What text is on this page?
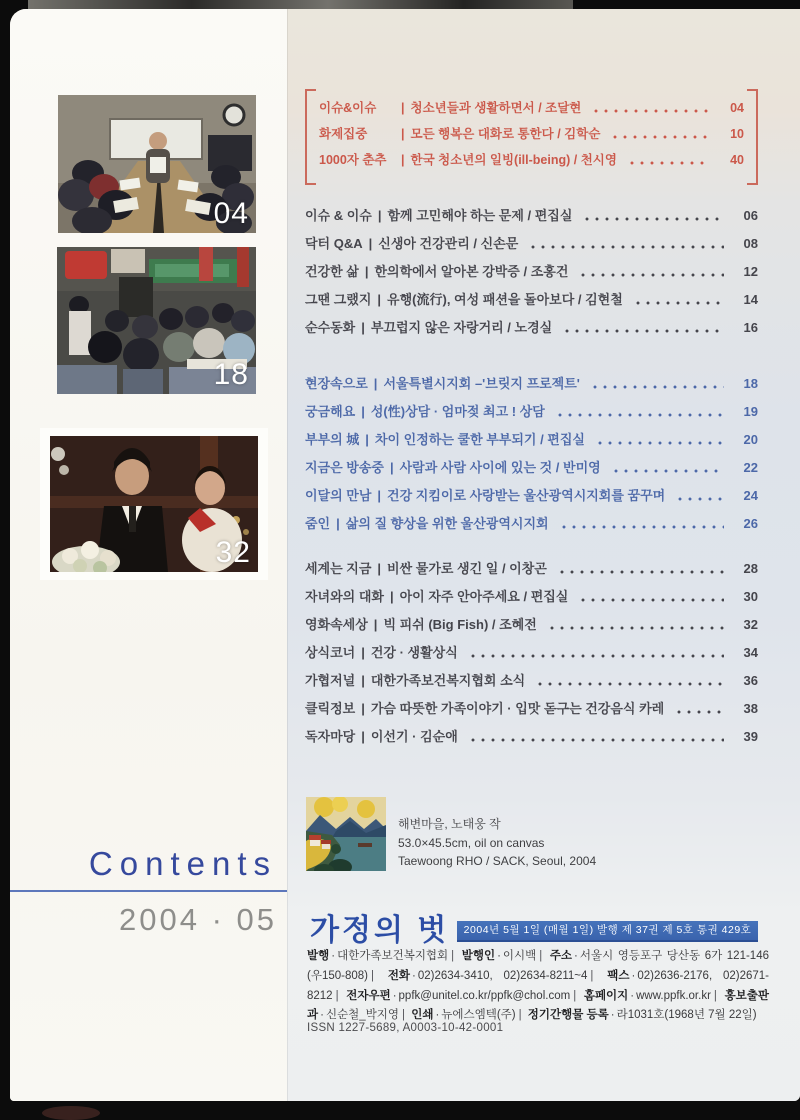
04
18
32
Contents
2004 · 05
이슈&이슈	| 청소년들과 생활하면서 / 조달현	04
화제집중	| 모든 행복은 대화로 통한다 / 김학순	10
1000자 춘추	| 한국 청소년의 일빙(ill-being) / 천시영	40
이슈 & 이슈 | 함께 고민해야 하는 문제 / 편집실	06
닥터 Q&A | 신생아 건강관리 / 신손문	08
건강한 삶 | 한의학에서 알아본 강박증 / 조홍건	12
그땐 그랬지 | 유행(流行), 여성 패션을 돌아보다 / 김현철	14
순수동화 | 부끄럽지 않은 자랑거리 / 노경실	16
현장속으로 | 서울특별시지회 –'브릿지 프로젝트'	18
궁금해요 | 성(性)상담 · 엄마젖 최고 ! 상담	19
부부의 城 | 차이 인정하는 쿨한 부부되기 / 편집실	20
지금은 방송중 | 사람과 사람 사이에 있는 것 / 반미영	22
이달의 만남 | 건강 지킴이로 사랑받는 울산광역시지회를 꿈꾸며	24
줌인 | 삶의 질 향상을 위한 울산광역시지회	26
세계는 지금 | 비싼 물가로 생긴 일 / 이창곤	28
자녀와의 대화 | 아이 자주 안아주세요 / 편집실	30
영화속세상 | 빅 피쉬 (Big Fish) / 조혜전	32
상식코너 | 건강 · 생활상식	34
가협저널 | 대한가족보건복지협회 소식	36
클릭정보 | 가슴 따뜻한 가족이야기 · 입맛 돋구는 건강음식 카레	38
독자마당 | 이선기 · 김순애	39
해변마을, 노태웅 작
53.0×45.5cm, oil on canvas
Taewoong RHO / SACK, Seoul, 2004
가정의 벗	2004년 5월 1일 (매월 1일) 발행 제 37권 제 5호 통권 429호
발행 · 대한가족보건복지협회 | 발행인 · 이시백 | 주소 · 서울시 영등포구 당산동 6가 121-146 (우150-808) | 전화 · 02)2634-3410, 02)2634-8211~4 | 팩스 · 02)2636-2176, 02)2671-8212 | 전자우편 · ppfk@unitel.co.kr/ppfk@chol.com | 홈페이지 · www.ppfk.or.kr | 홍보출판과 · 신순철_박지영 | 인쇄 · 뉴에스엠텍(주) | 정기간행물 등록 · 라1031호(1968년 7월 22일)
ISSN 1227-5689, A0003-10-42-0001
